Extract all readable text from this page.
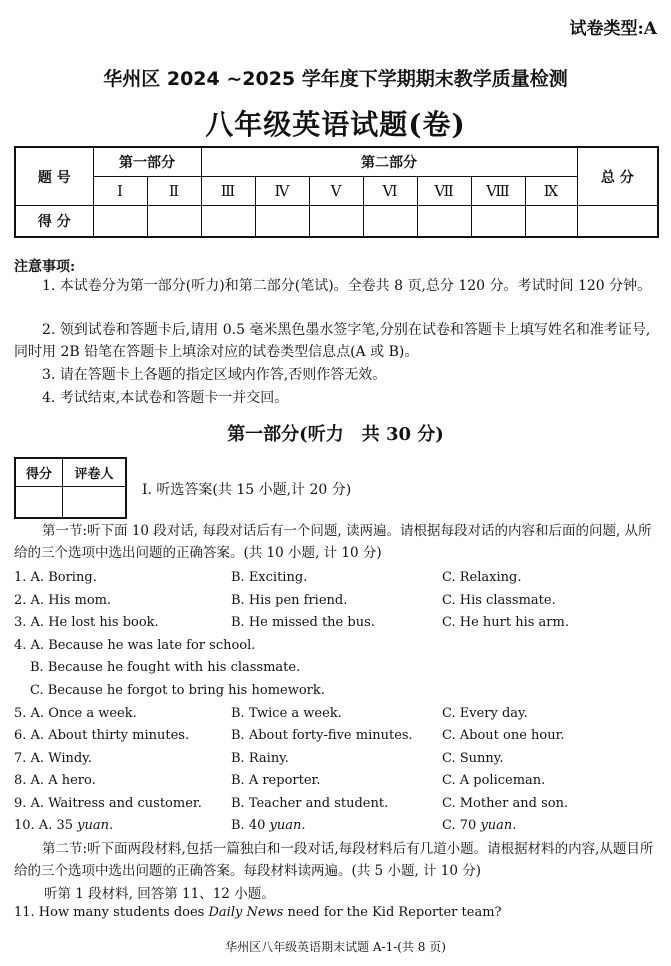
试卷类型:A
华州区 2024 ~2025 学年度下学期期末教学质量检测
八年级英语试题(卷)
题 号	第一部分		第二部分							总 分
	Ⅰ	Ⅱ	Ⅲ	Ⅳ	Ⅴ	Ⅵ	Ⅶ	Ⅷ	Ⅸ	
得 分										
注意事项:
1. 本试卷分为第一部分(听力)和第二部分(笔试)。全卷共 8 页,总分 120 分。考试时间 120 分钟。
2. 领到试卷和答题卡后,请用 0.5 毫米黑色墨水签字笔,分别在试卷和答题卡上填写姓名和准考证号,同时用 2B 铅笔在答题卡上填涂对应的试卷类型信息点(A 或 B)。
3. 请在答题卡上各题的指定区域内作答,否则作答无效。
4. 考试结束,本试卷和答题卡一并交回。
第一部分(听力　共 30 分)
得分	评卷人

Ⅰ. 听选答案(共 15 小题,计 20 分)
第一节:听下面 10 段对话, 每段对话后有一个问题, 读两遍。请根据每段对话的内容和后面的问题, 从所给的三个选项中选出问题的正确答案。(共 10 小题, 计 10 分)
1. A. Boring.	B. Exciting.	C. Relaxing.
2. A. His mom.	B. His pen friend.	C. His classmate.
3. A. He lost his book.	B. He missed the bus.	C. He hurt his arm.
4. A. Because he was late for school.
B. Because he fought with his classmate.
C. Because he forgot to bring his homework.
5. A. Once a week.	B. Twice a week.	C. Every day.
6. A. About thirty minutes.	B. About forty-five minutes. C. About one hour.
7. A. Windy.	B. Rainy.	C. Sunny.
8. A. A hero.	B. A reporter.	C. A policeman.
9. A. Waitress and customer. B. Teacher and student.	C. Mother and son.
10. A. 35 yuan.	B. 40 yuan.	C. 70 yuan.
第二节:听下面两段材料,包括一篇独白和一段对话,每段材料后有几道小题。请根据材料的内容,从题目所给的三个选项中选出问题的正确答案。每段材料读两遍。(共 5 小题, 计 10 分)
听第 1 段材料, 回答第 11、12 小题。
11. How many students does Daily News need for the Kid Reporter team?
华州区八年级英语期末试题 A-1-(共 8 页)
